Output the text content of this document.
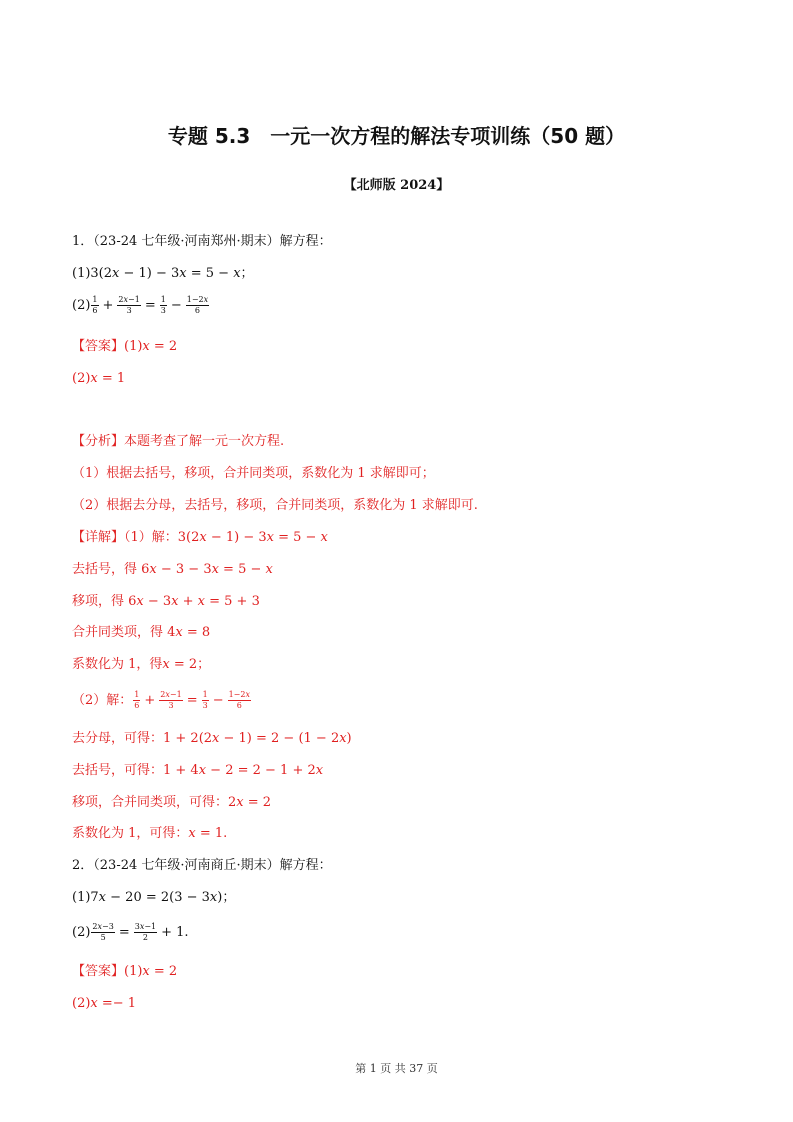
专题 5.3　一元一次方程的解法专项训练（50 题）
【北师版 2024】
1．（23-24 七年级·河南郑州·期末）解方程：
(1)3(2𝑥 − 1) − 3𝑥 = 5 − 𝑥；
$(2) \frac{1}{6} + \frac{\text{2𝑥−1}}{3} = \frac{1}{3} - \frac{\text{1−2𝑥}}{6}$
【答案】(1)𝑥 = 2
(2)𝑥 = 1
【分析】本题考查了解一元一次方程.
（1）根据去括号，移项，合并同类项，系数化为 1 求解即可；
（2）根据去分母，去括号，移项，合并同类项，系数化为 1 求解即可.
【详解】（1）解：3(2𝑥 − 1) − 3𝑥 = 5 − 𝑥
去括号，得 6𝑥 − 3 − 3𝑥 = 5 − 𝑥
移项，得 6𝑥 − 3𝑥 + 𝑥 = 5 + 3
合并同类项，得 4𝑥 = 8
系数化为 1，得𝑥 = 2；
（2）解： $\frac{1}{6} + \frac{\text{2𝑥−1}}{3} = \frac{1}{3} - \frac{\text{1−2𝑥}}{6}$
去分母，可得：1 + 2(2𝑥 − 1) = 2 − (1 − 2𝑥)
去括号，可得：1 + 4𝑥 − 2 = 2 − 1 + 2𝑥
移项，合并同类项，可得：2𝑥 = 2
系数化为 1，可得：𝑥 = 1.
2．（23-24 七年级·河南商丘·期末）解方程：
(1)7𝑥 − 20 = 2(3 − 3𝑥)；
$(2) \frac{\text{2𝑥−3}}{5} = \frac{\text{3𝑥−1}}{2} + 1$.
【答案】(1)𝑥 = 2
(2)𝑥 =− 1
第 1 页 共 37 页
